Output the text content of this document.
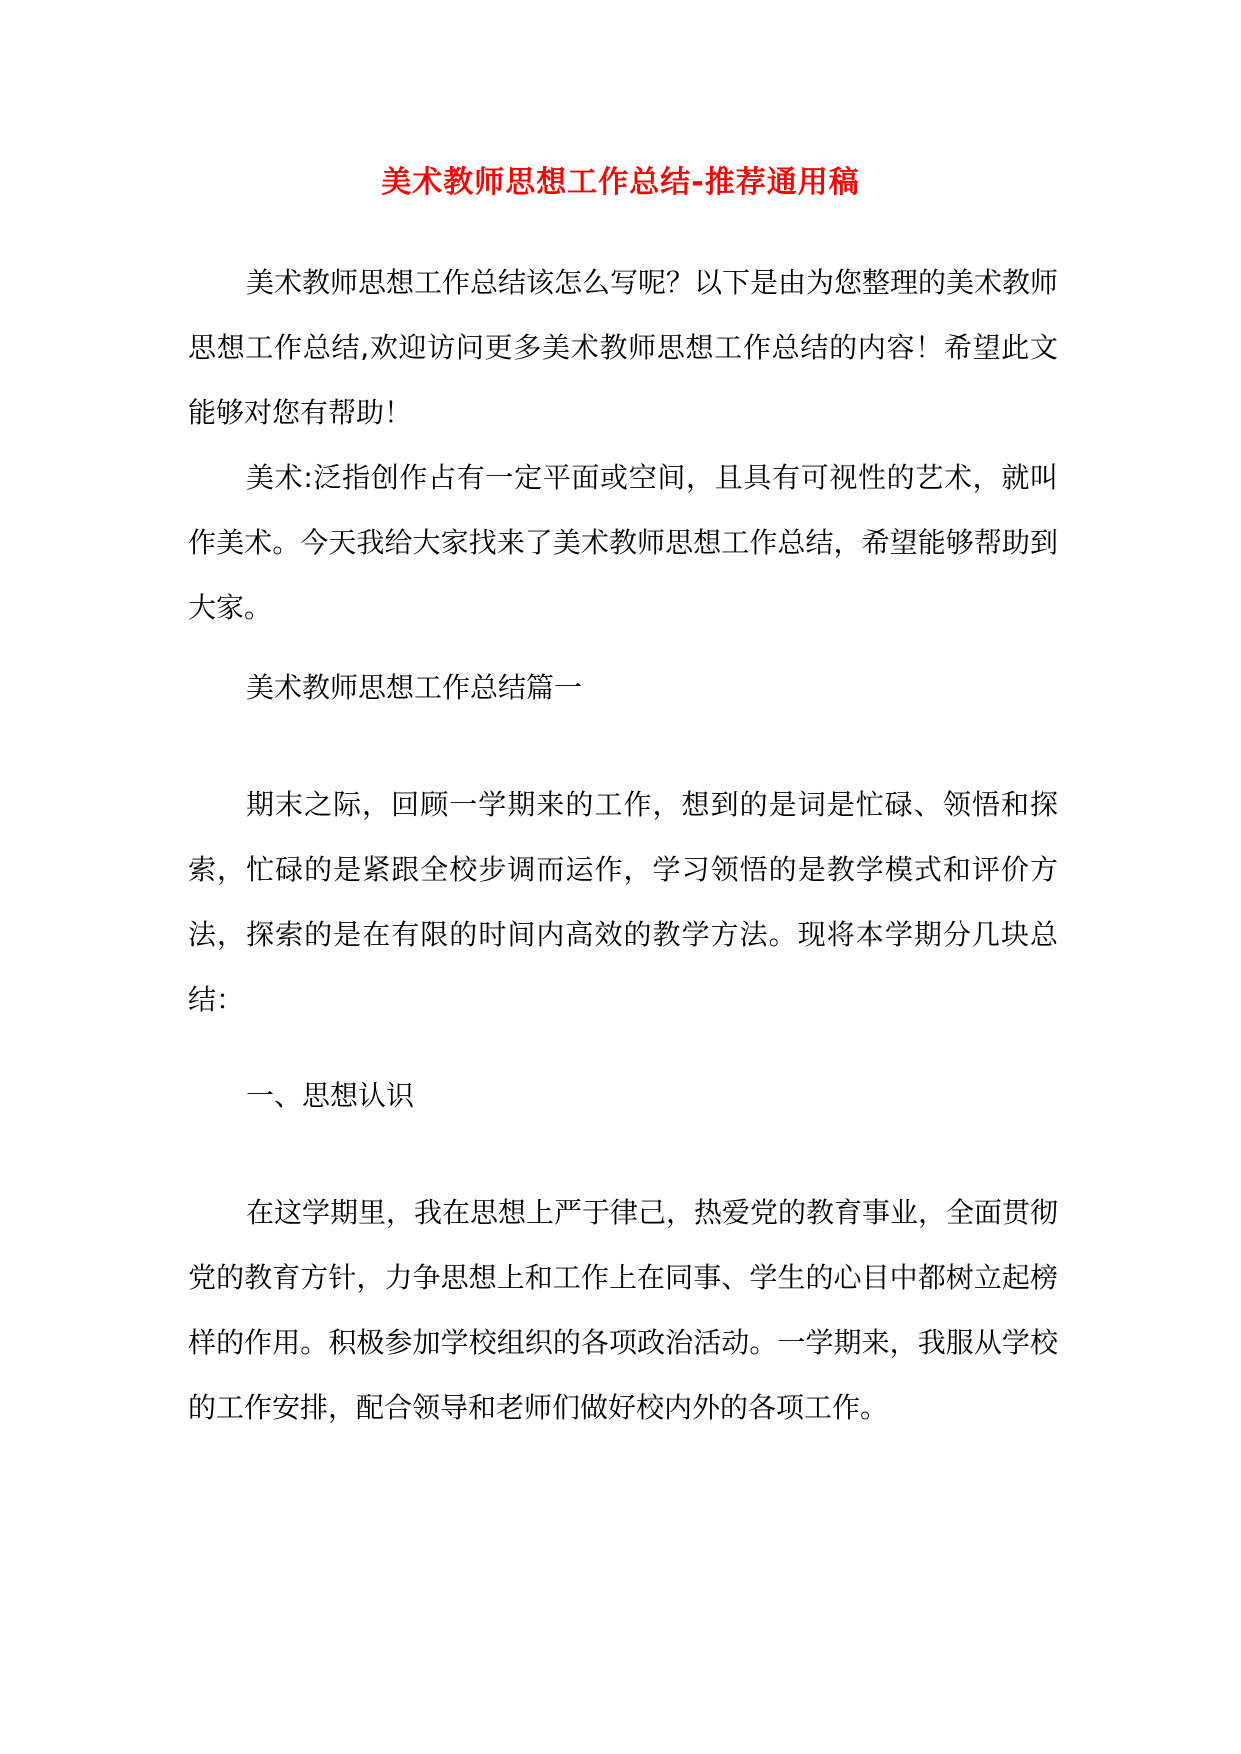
美术教师思想工作总结-推荐通用稿

美术教师思想工作总结该怎么写呢？以下是由为您整理的美术教师思想工作总结,欢迎访问更多美术教师思想工作总结的内容！希望此文能够对您有帮助！

美术:泛指创作占有一定平面或空间，且具有可视性的艺术，就叫作美术。今天我给大家找来了美术教师思想工作总结，希望能够帮助到大家。

美术教师思想工作总结篇一

期末之际，回顾一学期来的工作，想到的是词是忙碌、领悟和探索，忙碌的是紧跟全校步调而运作，学习领悟的是教学模式和评价方法，探索的是在有限的时间内高效的教学方法。现将本学期分几块总结：

一、思想认识

在这学期里，我在思想上严于律己，热爱党的教育事业，全面贯彻党的教育方针，力争思想上和工作上在同事、学生的心目中都树立起榜样的作用。积极参加学校组织的各项政治活动。一学期来，我服从学校的工作安排，配合领导和老师们做好校内外的各项工作。
